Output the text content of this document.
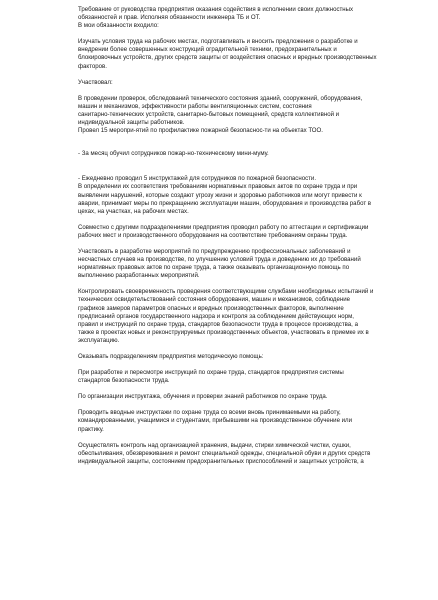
Требование от руководства предприятия оказания содействия в исполнении своих должностных
обязанностей и прав. Исполняя обязанности инженера ТБ и ОТ.
В мои обязанности входило:

Изучать условия труда на рабочих местах, подготавливать и вносить предложения о разработке и
внедрении более совершенных конструкций оградительной техники, предохранительных и
блокировочных устройств, других средств защиты от воздействия опасных и вредных производственных
факторов.

Участвовал:

В проведении проверок, обследований технического состояния зданий, сооружений, оборудования,
машин и механизмов, эффективности работы вентиляционных систем, состояния
санитарно-технических устройств, санитарно-бытовых помещений, средств коллективной и
индивидуальной защиты работников.
Провел 15 меропри-ятий по профилактике пожарной безопаснос-ти на объектах ТОО.

- За месяц обучил сотрудников пожар-но-техническому мини-муму.

- Ежедневно проводил 5 инструктажей для сотрудников по пожарной безопасности.
В определении их соответствия требованиям нормативных правовых актов по охране труда и при
выявлении нарушений, которые создают угрозу жизни и здоровью работников или могут привести к
аварии, принимает меры по прекращению эксплуатации машин, оборудования и производства работ в
цехах, на участках, на рабочих местах.

Совместно с другими подразделениями предприятия проводил работу по аттестации и сертификации
рабочих мест и производственного оборудования на соответствие требованиям охраны труда.

Участвовать в разработке мероприятий по предупреждению профессиональных заболеваний и
несчастных случаев на производстве, по улучшению условий труда и доведению их до требований
нормативных правовых актов по охране труда, а также оказывать организационную помощь по
выполнению разработанных мероприятий.

Контролировать своевременность проведения соответствующими службами необходимых испытаний и
технических освидетельствований состояния оборудования, машин и механизмов, соблюдение
графиков замеров параметров опасных и вредных производственных факторов, выполнение
предписаний органов государственного надзора и контроля за соблюдением действующих норм,
правил и инструкций по охране труда, стандартов безопасности труда в процессе производства, а
также в проектах новых и реконструируемых производственных объектов, участвовать в приемке их в
эксплуатацию.

Оказывать подразделениям предприятия методическую помощь:

При разработке и пересмотре инструкций по охране труда, стандартов предприятия системы
стандартов безопасности труда.

По организации инструктажа, обучения и проверки знаний работников по охране труда.

Проводить вводные инструктажи по охране труда со всеми вновь принимаемыми на работу,
командированными, учащимися и студентами, прибывшими на производственное обучение или
практику.

Осуществлять контроль над организацией хранения, выдачи, стирки химической чистки, сушки,
обеспыливания, обезвреживания и ремонт специальной одежды, специальной обуви и других средств
индивидуальной защиты, состоянием предохранительных приспособлений и защитных устройств, а
